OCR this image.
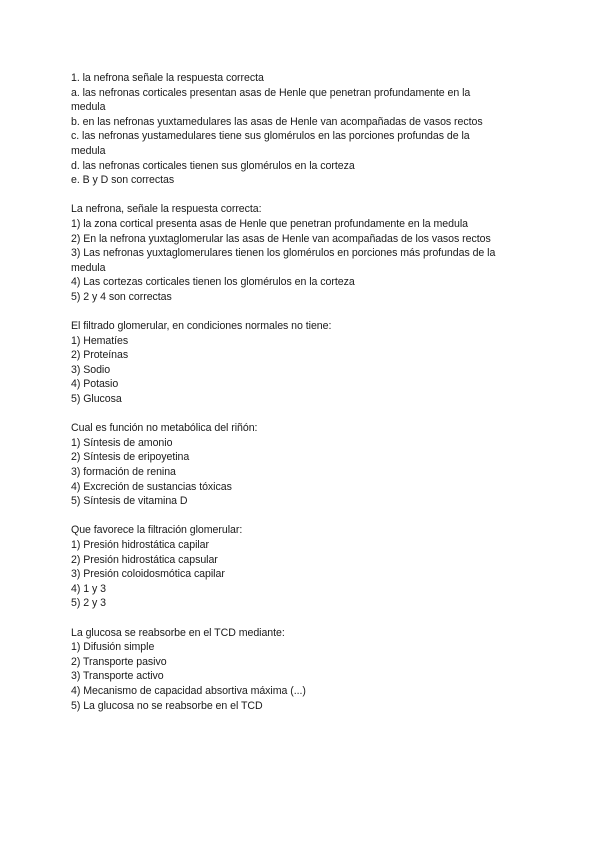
1. la nefrona señale la respuesta correcta
a. las nefronas corticales presentan asas de Henle que penetran profundamente en la
medula
b. en las nefronas yuxtamedulares las asas de Henle van acompañadas de vasos rectos
c. las nefronas yustamedulares tiene sus glomérulos en las porciones profundas de la
medula
d. las nefronas corticales tienen sus glomérulos en la corteza
e. B y D son correctas
La nefrona, señale la respuesta correcta:
1) la zona cortical presenta asas de Henle que penetran profundamente en la medula
2) En la nefrona yuxtaglomerular las asas de Henle van acompañadas de los vasos rectos
3) Las nefronas yuxtaglomerulares tienen los glomérulos en porciones más profundas de la
medula
4) Las cortezas corticales tienen los glomérulos en la corteza
5) 2 y 4 son correctas
El filtrado glomerular, en condiciones normales no tiene:
1) Hematíes
2) Proteínas
3) Sodio
4) Potasio
5) Glucosa
Cual es función no metabólica del riñón:
1) Síntesis de amonio
2) Síntesis de eripoyetina
3) formación de renina
4) Excreción de sustancias tóxicas
5) Síntesis de vitamina D
Que favorece la filtración glomerular:
1) Presión hidrostática capilar
2) Presión hidrostática capsular
3) Presión coloidosmótica capilar
4) 1 y 3
5) 2 y 3
La glucosa se reabsorbe en el TCD mediante:
1) Difusión simple
2) Transporte pasivo
3) Transporte activo
4) Mecanismo de capacidad absortiva máxima (...)
5) La glucosa no se reabsorbe en el TCD
